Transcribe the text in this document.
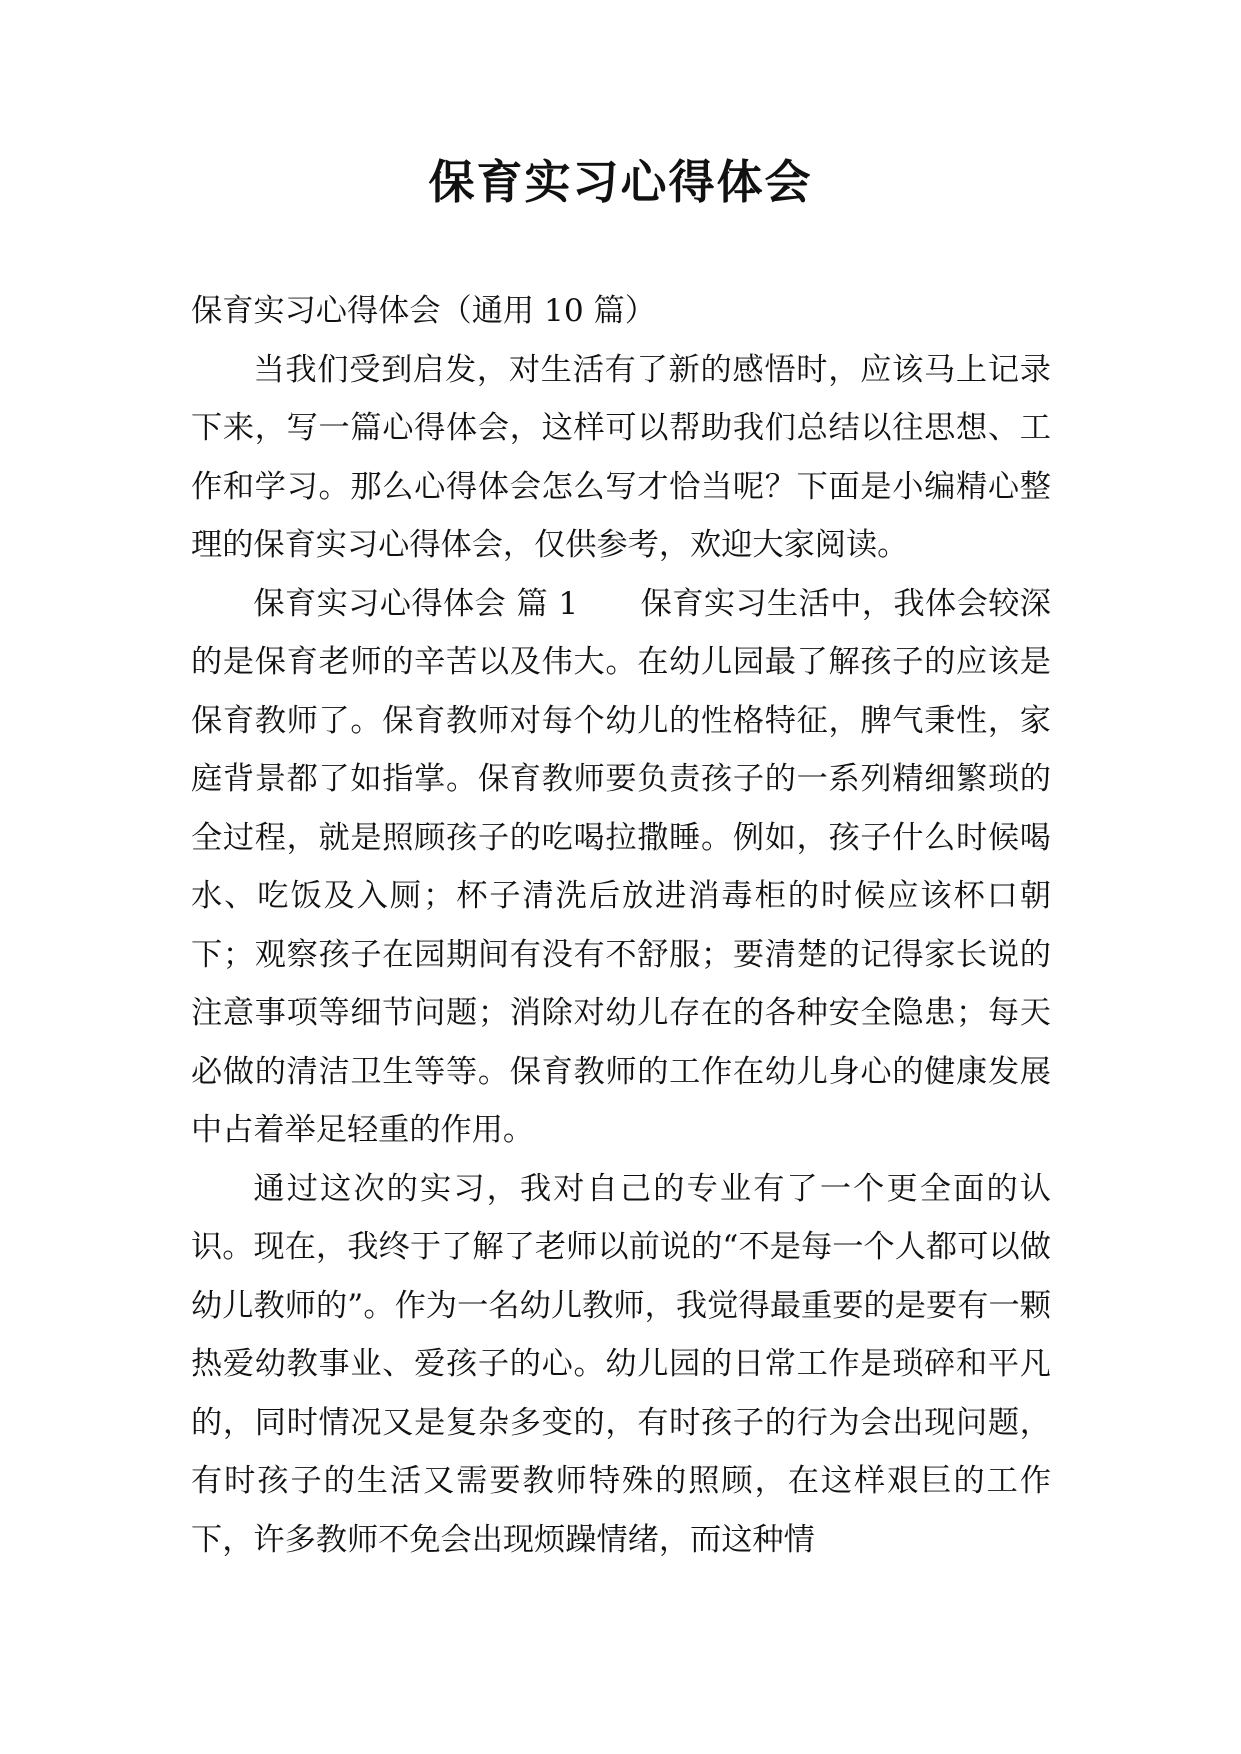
保育实习心得体会

保育实习心得体会（通用 10 篇）

当我们受到启发，对生活有了新的感悟时，应该马上记录下来，写一篇心得体会，这样可以帮助我们总结以往思想、工作和学习。那么心得体会怎么写才恰当呢？下面是小编精心整理的保育实习心得体会，仅供参考，欢迎大家阅读。

保育实习心得体会 篇 1 保育实习生活中，我体会较深的是保育老师的辛苦以及伟大。在幼儿园最了解孩子的应该是保育教师了。保育教师对每个幼儿的性格特征，脾气秉性，家庭背景都了如指掌。保育教师要负责孩子的一系列精细繁琐的全过程，就是照顾孩子的吃喝拉撒睡。例如，孩子什么时候喝水、吃饭及入厕；杯子清洗后放进消毒柜的时候应该杯口朝下；观察孩子在园期间有没有不舒服；要清楚的记得家长说的注意事项等细节问题；消除对幼儿存在的各种安全隐患；每天必做的清洁卫生等等。保育教师的工作在幼儿身心的健康发展中占着举足轻重的作用。

通过这次的实习，我对自己的专业有了一个更全面的认识。现在，我终于了解了老师以前说的“不是每一个人都可以做幼儿教师的”。作为一名幼儿教师，我觉得最重要的是要有一颗热爱幼教事业、爱孩子的心。幼儿园的日常工作是琐碎和平凡的，同时情况又是复杂多变的，有时孩子的行为会出现问题，有时孩子的生活又需要教师特殊的照顾，在这样艰巨的工作下，许多教师不免会出现烦躁情绪，而这种情
